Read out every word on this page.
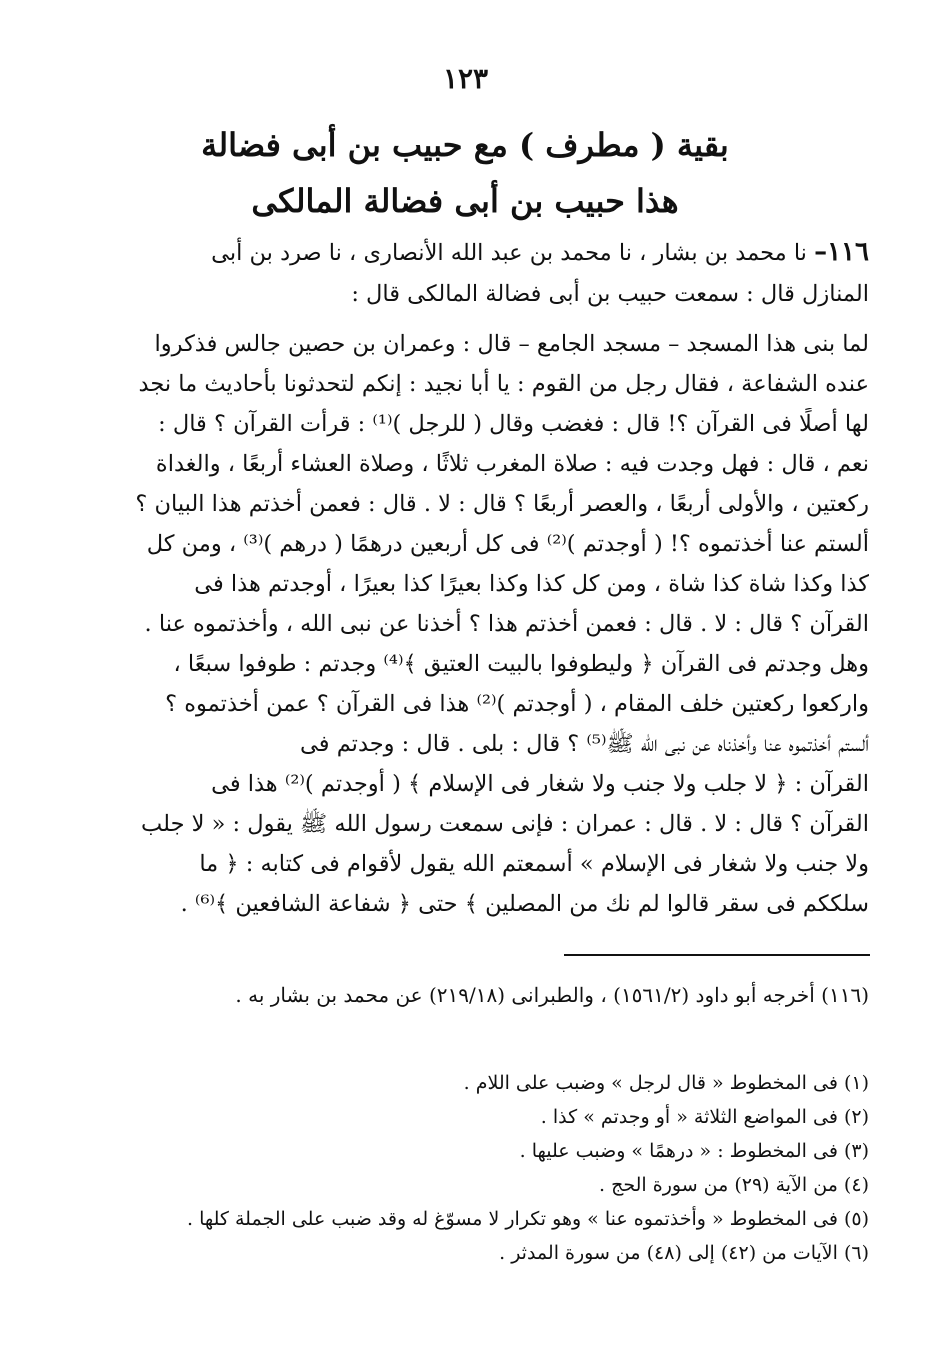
١٢٣
بقية ( مطرف ) مع حبيب بن أبى فضالة
هذا حبيب بن أبى فضالة المالكى
١١٦– نا محمد بن بشار ، نا محمد بن عبد الله الأنصارى ، نا صرد بن أبى
المنازل قال : سمعت حبيب بن أبى فضالة المالكى قال :
لما بنى هذا المسجد – مسجد الجامع – قال : وعمران بن حصين جالس فذكروا
عنده الشفاعة ، فقال رجل من القوم : يا أبا نجيد : إنكم لتحدثونا بأحاديث ما نجد
لها أصلًا فى القرآن ؟! قال : فغضب وقال ( للرجل )⁽¹⁾ : قرأت القرآن ؟ قال :
نعم ، قال : فهل وجدت فيه : صلاة المغرب ثلاثًا ، وصلاة العشاء أربعًا ، والغداة
ركعتين ، والأولى أربعًا ، والعصر أربعًا ؟ قال : لا . قال : فعمن أخذتم هذا البيان ؟
ألستم عنا أخذتموه ؟! ( أوجدتم )⁽²⁾ فى كل أربعين درهمًا ( درهم )⁽³⁾ ، ومن كل
كذا وكذا شاة كذا شاة ، ومن كل كذا وكذا بعيرًا كذا بعيرًا ، أوجدتم هذا فى
القرآن ؟ قال : لا . قال : فعمن أخذتم هذا ؟ أخذنا عن نبى الله ، وأخذتموه عنا .
وهل وجدتم فى القرآن ﴿ وليطوفوا بالبيت العتيق ﴾⁽⁴⁾ وجدتم : طوفوا سبعًا ،
واركعوا ركعتين خلف المقام ، ( أوجدتم )⁽²⁾ هذا فى القرآن ؟ عمن أخذتموه ؟
ألستم أخذتموه عنا وأخذناه عن نبى الله ﷺ⁽⁵⁾ ؟ قال : بلى . قال : وجدتم فى
القرآن : ﴿ لا جلب ولا جنب ولا شغار فى الإسلام ﴾ ( أوجدتم )⁽²⁾ هذا فى
القرآن ؟ قال : لا . قال : عمران : فإنى سمعت رسول الله ﷺ يقول : « لا جلب
ولا جنب ولا شغار فى الإسلام » أسمعتم الله يقول لأقوام فى كتابه : ﴿ ما
سلككم فى سقر قالوا لم نك من المصلين ﴾ حتى ﴿ شفاعة الشافعين ﴾⁽⁶⁾ .
(١١٦) أخرجه أبو داود (١٥٦١/٢) ، والطبرانى (٢١٩/١٨) عن محمد بن بشار به .
(١) فى المخطوط « قال لرجل » وضبب على اللام .
(٢) فى المواضع الثلاثة « أو وجدتم » كذا .
(٣) فى المخطوط : « درهمًا » وضبب عليها .
(٤) من الآية (٢٩) من سورة الحج .
(٥) فى المخطوط « وأخذتموه عنا » وهو تكرار لا مسوّغ له وقد ضبب على الجملة كلها .
(٦) الآيات من (٤٢) إلى (٤٨) من سورة المدثر .
